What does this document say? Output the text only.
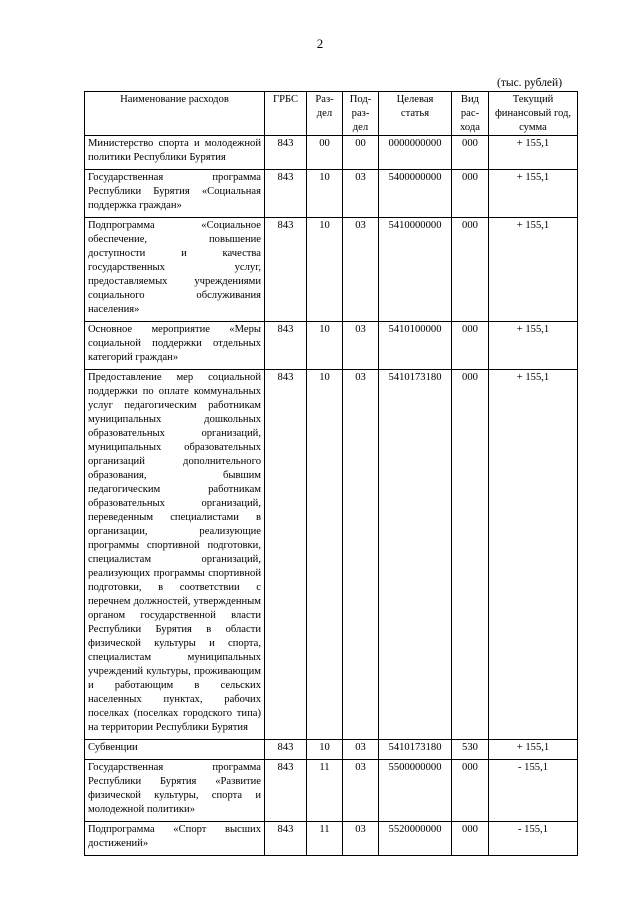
2
(тыс. рублей)
Наименование расходов	ГРБС	Раз-дел	Под-раз-дел	Целевая статья	Вид рас-хода	Текущий финансовый год, сумма
Министерство спорта и молодежной политики Республики Бурятия	843	00	00	0000000000	000	+ 155,1
Государственная программа Республики Бурятия «Социальная поддержка граждан»	843	10	03	5400000000	000	+ 155,1
Подпрограмма «Социальное обеспечение, повышение доступности и качества государственных услуг, предоставляемых учреждениями социального обслуживания населения»	843	10	03	5410000000	000	+ 155,1
Основное мероприятие «Меры социальной поддержки отдельных категорий граждан»	843	10	03	5410100000	000	+ 155,1
Предоставление мер социальной поддержки по оплате коммунальных услуг педагогическим работникам муниципальных дошкольных образовательных организаций, муниципальных образовательных организаций дополнительного образования, бывшим педагогическим работникам образовательных организаций, переведенным специалистами в организации, реализующие программы спортивной подготовки, специалистам организаций, реализующих программы спортивной подготовки, в соответствии с перечнем должностей, утвержденным органом государственной власти Республики Бурятия в области физической культуры и спорта, специалистам муниципальных учреждений культуры, проживающим и работающим в сельских населенных пунктах, рабочих поселках (поселках городского типа) на территории Республики Бурятия	843	10	03	5410173180	000	+ 155,1
Субвенции	843	10	03	5410173180	530	+ 155,1
Государственная программа Республики Бурятия «Развитие физической культуры, спорта и молодежной политики»	843	11	03	5500000000	000	- 155,1
Подпрограмма «Спорт высших достижений»	843	11	03	5520000000	000	- 155,1
